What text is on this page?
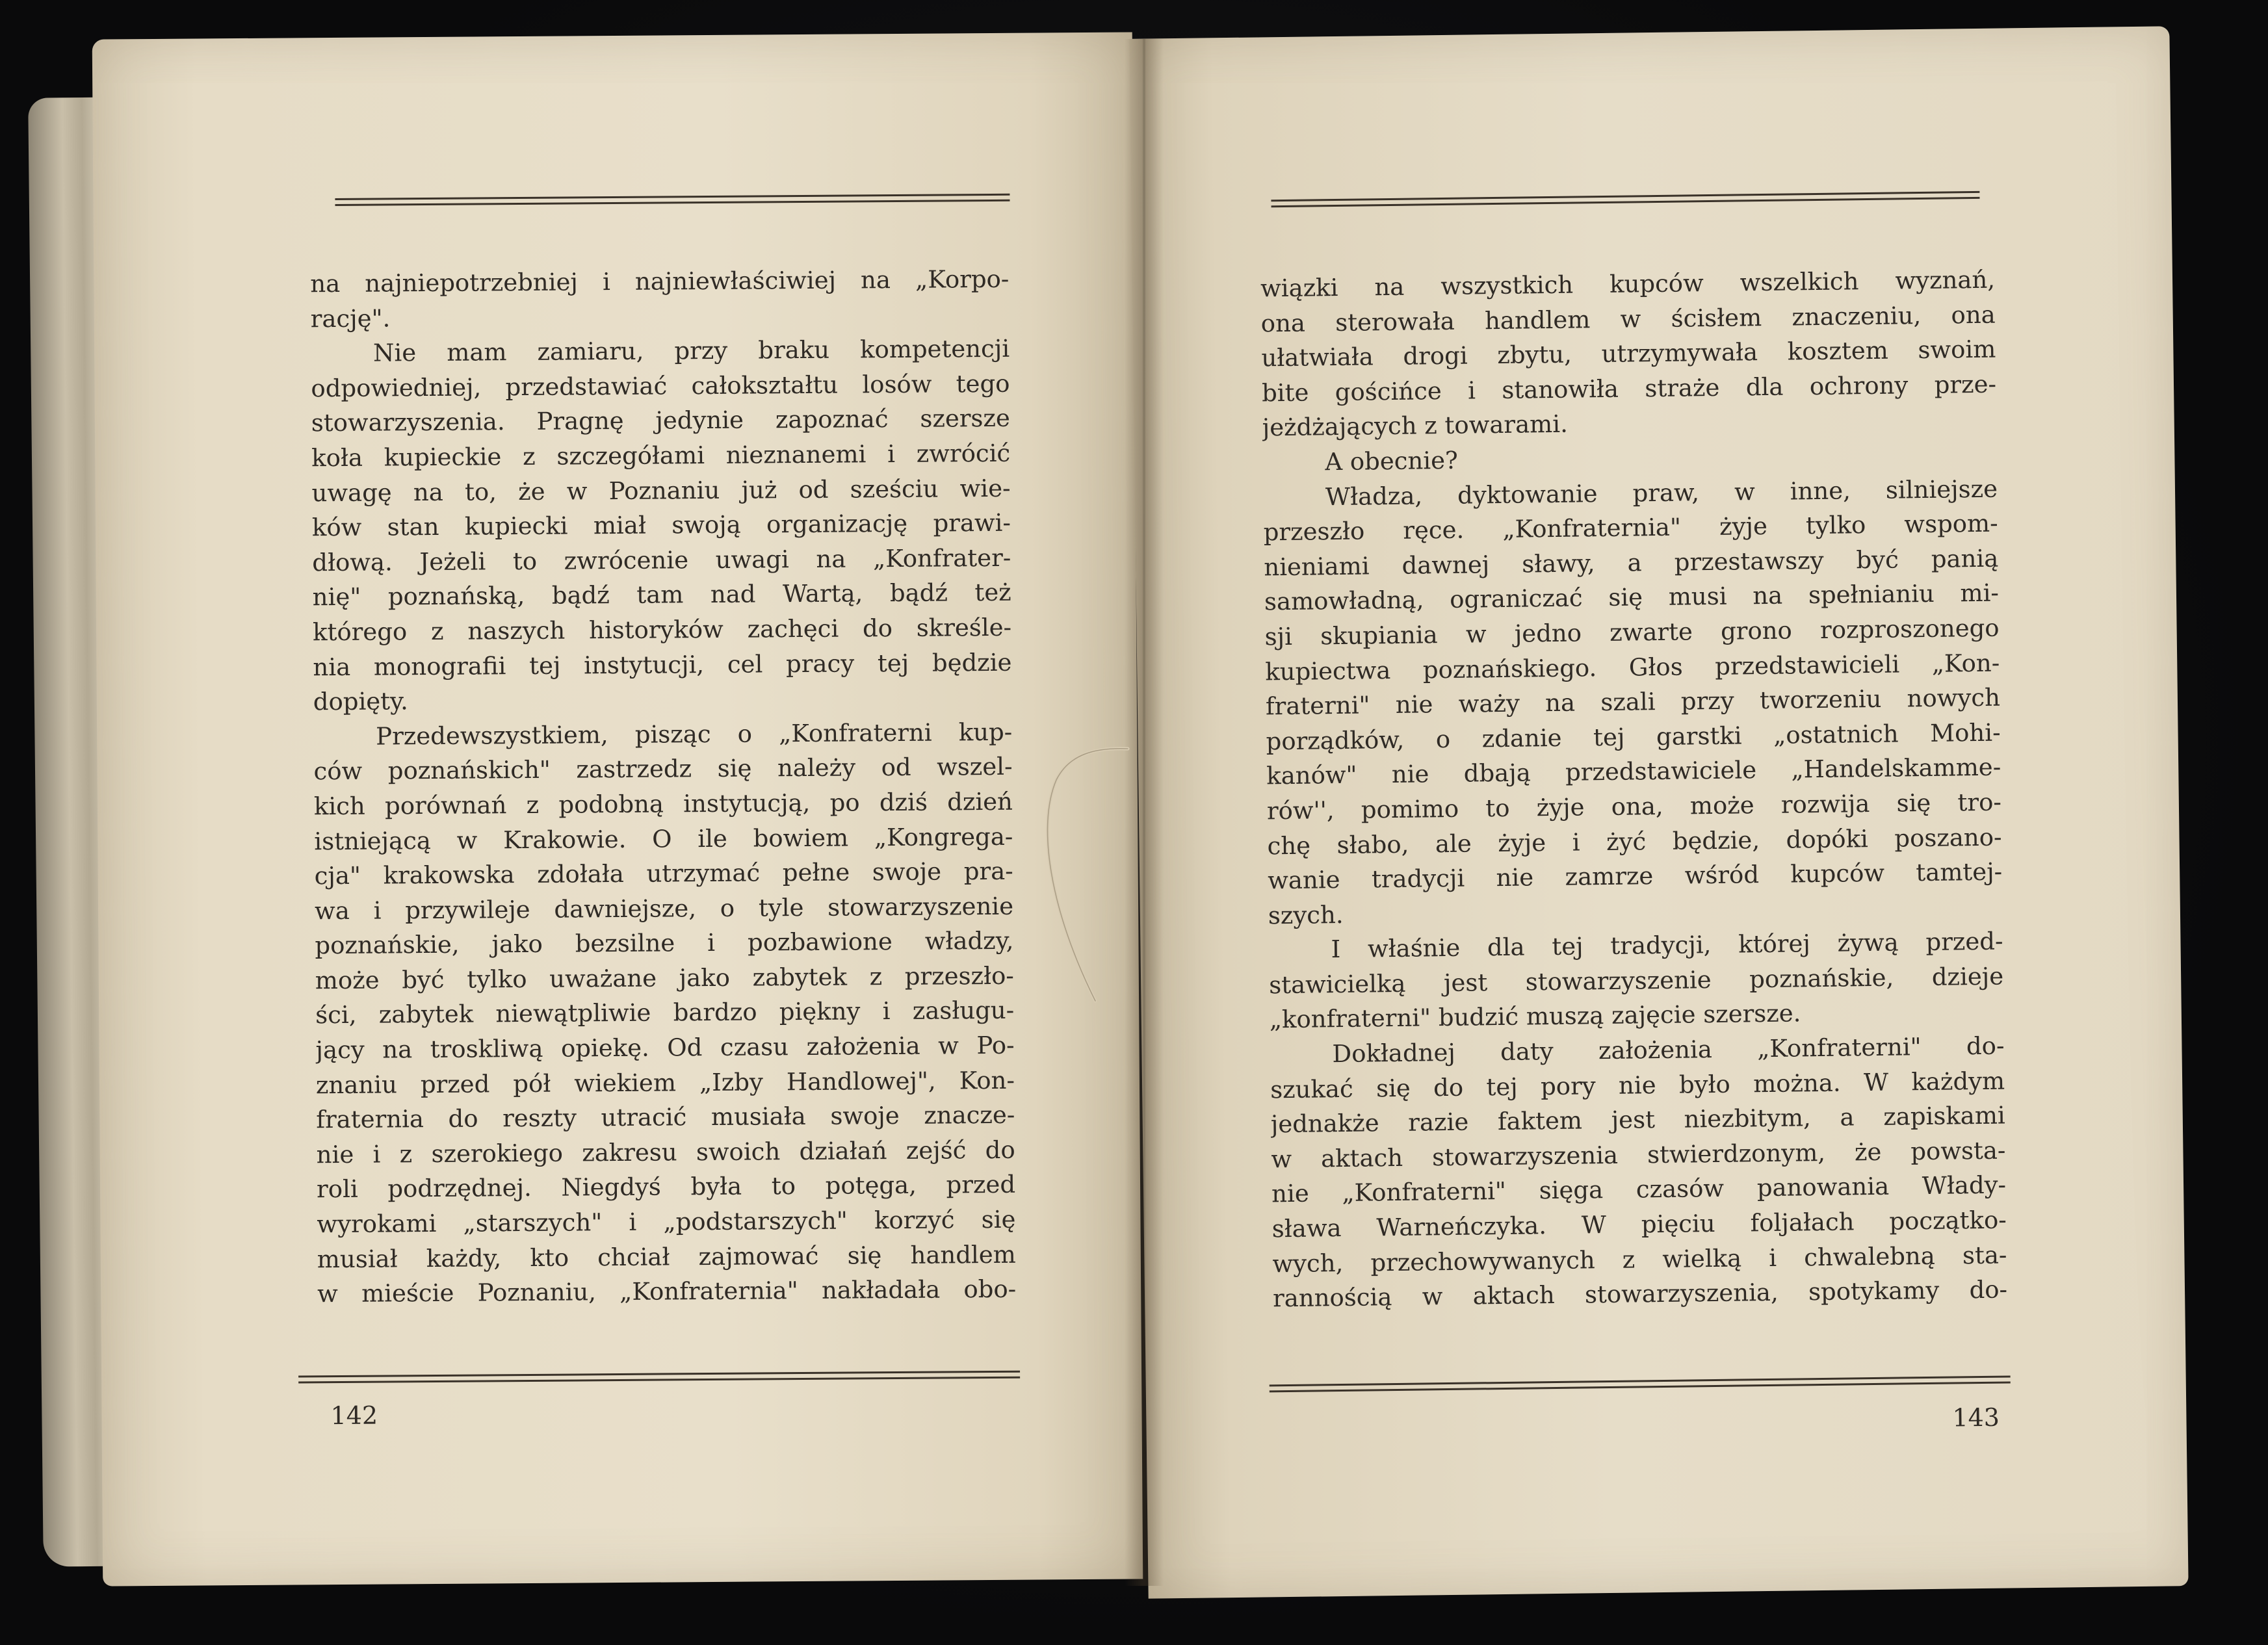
na najniepotrzebniej i najniewłaściwiej na „Korpo-
rację".
Nie mam zamiaru, przy braku kompetencji
odpowiedniej, przedstawiać całokształtu losów tego
stowarzyszenia. Pragnę jedynie zapoznać szersze
koła kupieckie z szczegółami nieznanemi i zwrócić
uwagę na to, że w Poznaniu już od sześciu wie-
ków stan kupiecki miał swoją organizację prawi-
dłową. Jeżeli to zwrócenie uwagi na „Konfrater-
nię" poznańską, bądź tam nad Wartą, bądź też
którego z naszych historyków zachęci do skreśle-
nia monografii tej instytucji, cel pracy tej będzie
dopięty.
Przedewszystkiem, pisząc o „Konfraterni kup-
ców poznańskich" zastrzedz się należy od wszel-
kich porównań z podobną instytucją, po dziś dzień
istniejącą w Krakowie. O ile bowiem „Kongrega-
cja" krakowska zdołała utrzymać pełne swoje pra-
wa i przywileje dawniejsze, o tyle stowarzyszenie
poznańskie, jako bezsilne i pozbawione władzy,
może być tylko uważane jako zabytek z przeszło-
ści, zabytek niewątpliwie bardzo piękny i zasługu-
jący na troskliwą opiekę. Od czasu założenia w Po-
znaniu przed pół wiekiem „Izby Handlowej", Kon-
fraternia do reszty utracić musiała swoje znacze-
nie i z szerokiego zakresu swoich działań zejść do
roli podrzędnej. Niegdyś była to potęga, przed
wyrokami „starszych" i „podstarszych" korzyć się
musiał każdy, kto chciał zajmować się handlem
w mieście Poznaniu, „Konfraternia" nakładała obo-
142
wiązki na wszystkich kupców wszelkich wyznań,
ona sterowała handlem w ścisłem znaczeniu, ona
ułatwiała drogi zbytu, utrzymywała kosztem swoim
bite gościńce i stanowiła straże dla ochrony prze-
jeżdżających z towarami.
A obecnie?
Władza, dyktowanie praw, w inne, silniejsze
przeszło ręce. „Konfraternia" żyje tylko wspom-
nieniami dawnej sławy, a przestawszy być panią
samowładną, ograniczać się musi na spełnianiu mi-
sji skupiania w jedno zwarte grono rozproszonego
kupiectwa poznańskiego. Głos przedstawicieli „Kon-
fraterni" nie waży na szali przy tworzeniu nowych
porządków, o zdanie tej garstki „ostatnich Mohi-
kanów" nie dbają przedstawiciele „Handelskamme-
rów'', pomimo to żyje ona, może rozwija się tro-
chę słabo, ale żyje i żyć będzie, dopóki poszano-
wanie tradycji nie zamrze wśród kupców tamtej-
szych.
I właśnie dla tej tradycji, której żywą przed-
stawicielką jest stowarzyszenie poznańskie, dzieje
„konfraterni" budzić muszą zajęcie szersze.
Dokładnej daty założenia „Konfraterni" do-
szukać się do tej pory nie było można. W każdym
jednakże razie faktem jest niezbitym, a zapiskami
w aktach stowarzyszenia stwierdzonym, że powsta-
nie „Konfraterni" sięga czasów panowania Włady-
sława Warneńczyka. W pięciu foljałach początko-
wych, przechowywanych z wielką i chwalebną sta-
rannością w aktach stowarzyszenia, spotykamy do-
143
